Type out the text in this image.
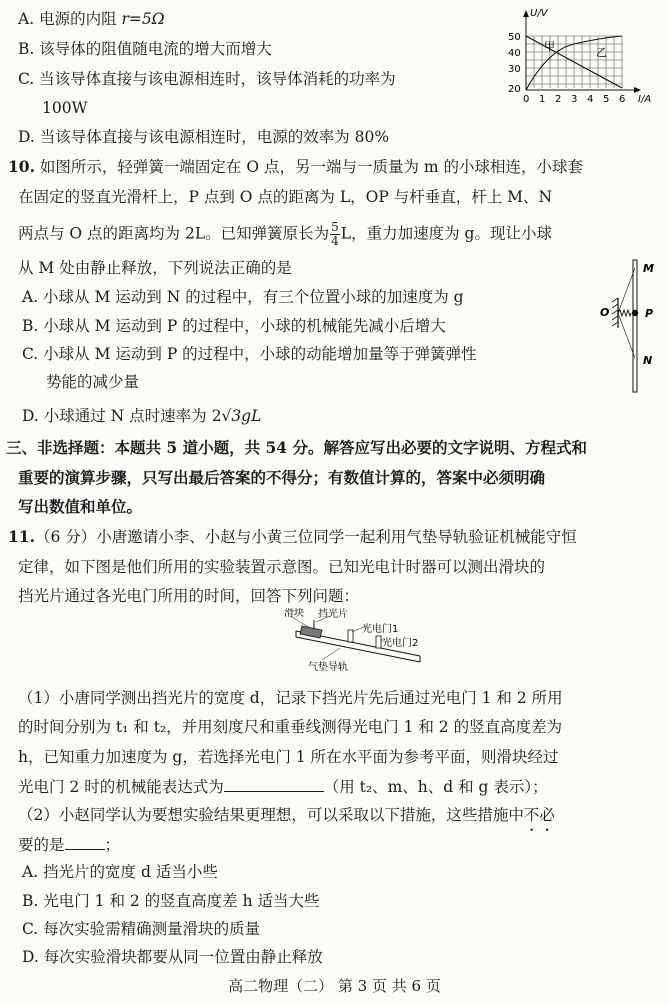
A. 电源的内阻 r=5Ω
B. 该导体的阻值随电流的增大而增大
C. 当该导体直接与该电源相连时，该导体消耗的功率为
100W
D. 当该导体直接与该电源相连时，电源的效率为 80%
U/V
I/A
50
40
30
20
0 1 2 3 4 5 6
甲	乙
10. 如图所示，轻弹簧一端固定在 O 点，另一端与一质量为 m 的小球相连，小球套
在固定的竖直光滑杆上，P 点到 O 点的距离为 L，OP 与杆垂直，杆上 M、N
两点与 O 点的距离均为 2L。已知弹簧原长为 $\frac{5}{4}$ L，重力加速度为 g。现让小球
从 M 处由静止释放，下列说法正确的是
A. 小球从 M 运动到 N 的过程中，有三个位置小球的加速度为 g
B. 小球从 M 运动到 P 的过程中，小球的机械能先减小后增大
C. 小球从 M 运动到 P 的过程中，小球的动能增加量等于弹簧弹性
势能的减少量
D. 小球通过 N 点时速率为 2√3gL
M
O	P
N
三、非选择题：本题共 5 道小题，共 54 分。解答应写出必要的文字说明、方程式和
重要的演算步骤，只写出最后答案的不得分；有数值计算的，答案中必须明确
写出数值和单位。
11.（6 分）小唐邀请小李、小赵与小黄三位同学一起利用气垫导轨验证机械能守恒
定律，如下图是他们所用的实验装置示意图。已知光电计时器可以测出滑块的
挡光片通过各光电门所用的时间，回答下列问题：
滑块 挡光片
光电门1
光电门2
气垫导轨
（1）小唐同学测出挡光片的宽度 d，记录下挡光片先后通过光电门 1 和 2 所用
的时间分别为 t₁ 和 t₂，并用刻度尺和重垂线测得光电门 1 和 2 的竖直高度差为
h，已知重力加速度为 g，若选择光电门 1 所在水平面为参考平面，则滑块经过
光电门 2 时的机械能表达式为	（用 t₂、m、h、d 和 g 表示）；
（2）小赵同学认为要想实验结果更理想，可以采取以下措施，这些措施中不必
要的是	；
A. 挡光片的宽度 d 适当小些
B. 光电门 1 和 2 的竖直高度差 h 适当大些
C. 每次实验需精确测量滑块的质量
D. 每次实验滑块都要从同一位置由静止释放
高二物理（二） 第 3 页 共 6 页
